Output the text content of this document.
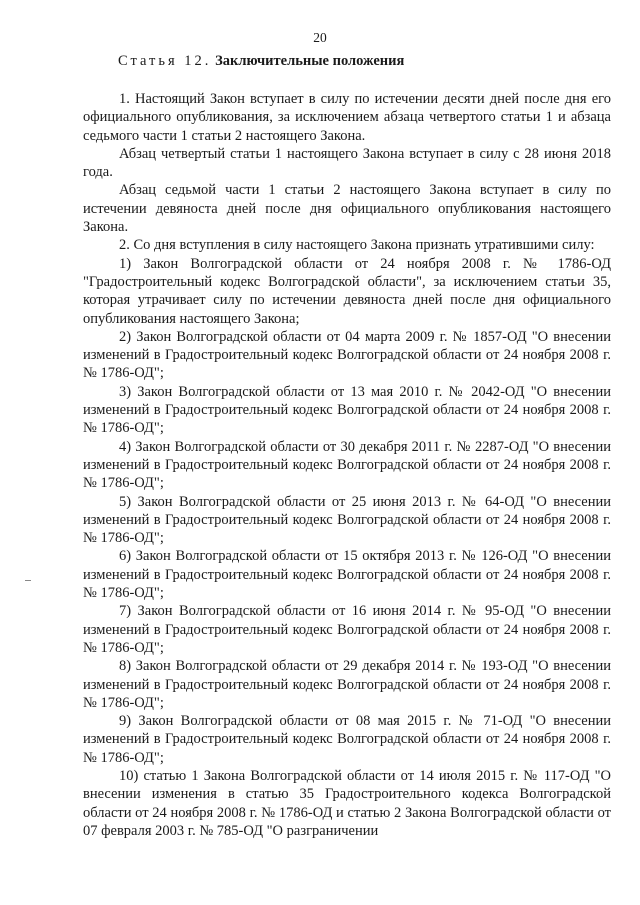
20
Статья 12. Заключительные положения

1. Настоящий Закон вступает в силу по истечении десяти дней после дня его официального опубликования, за исключением абзаца четвертого статьи 1 и абзаца седьмого части 1 статьи 2 настоящего Закона.

Абзац четвертый статьи 1 настоящего Закона вступает в силу с 28 июня 2018 года.

Абзац седьмой части 1 статьи 2 настоящего Закона вступает в силу по истечении девяноста дней после дня официального опубликования настоящего Закона.

2. Со дня вступления в силу настоящего Закона признать утратившими силу:

1) Закон Волгоградской области от 24 ноября 2008 г. № 1786-ОД "Градостроительный кодекс Волгоградской области", за исключением статьи 35, которая утрачивает силу по истечении девяноста дней после дня официального опубликования настоящего Закона;

2) Закон Волгоградской области от 04 марта 2009 г. № 1857-ОД "О внесении изменений в Градостроительный кодекс Волгоградской области от 24 ноября 2008 г. № 1786-ОД";

3) Закон Волгоградской области от 13 мая 2010 г. № 2042-ОД "О внесении изменений в Градостроительный кодекс Волгоградской области от 24 ноября 2008 г. № 1786-ОД";

4) Закон Волгоградской области от 30 декабря 2011 г. № 2287-ОД "О внесении изменений в Градостроительный кодекс Волгоградской области от 24 ноября 2008 г. № 1786-ОД";

5) Закон Волгоградской области от 25 июня 2013 г. № 64-ОД "О внесении изменений в Градостроительный кодекс Волгоградской области от 24 ноября 2008 г. № 1786-ОД";

6) Закон Волгоградской области от 15 октября 2013 г. № 126-ОД "О внесении изменений в Градостроительный кодекс Волгоградской области от 24 ноября 2008 г. № 1786-ОД";

7) Закон Волгоградской области от 16 июня 2014 г. № 95-ОД "О внесении изменений в Градостроительный кодекс Волгоградской области от 24 ноября 2008 г. № 1786-ОД";

8) Закон Волгоградской области от 29 декабря 2014 г. № 193-ОД "О внесении изменений в Градостроительный кодекс Волгоградской области от 24 ноября 2008 г. № 1786-ОД";

9) Закон Волгоградской области от 08 мая 2015 г. № 71-ОД "О внесении изменений в Градостроительный кодекс Волгоградской области от 24 ноября 2008 г. № 1786-ОД";

10) статью 1 Закона Волгоградской области от 14 июля 2015 г. № 117-ОД "О внесении изменения в статью 35 Градостроительного кодекса Волгоградской области от 24 ноября 2008 г. № 1786-ОД и статью 2 Закона Волгоградской области от 07 февраля 2003 г. № 785-ОД "О разграничении
